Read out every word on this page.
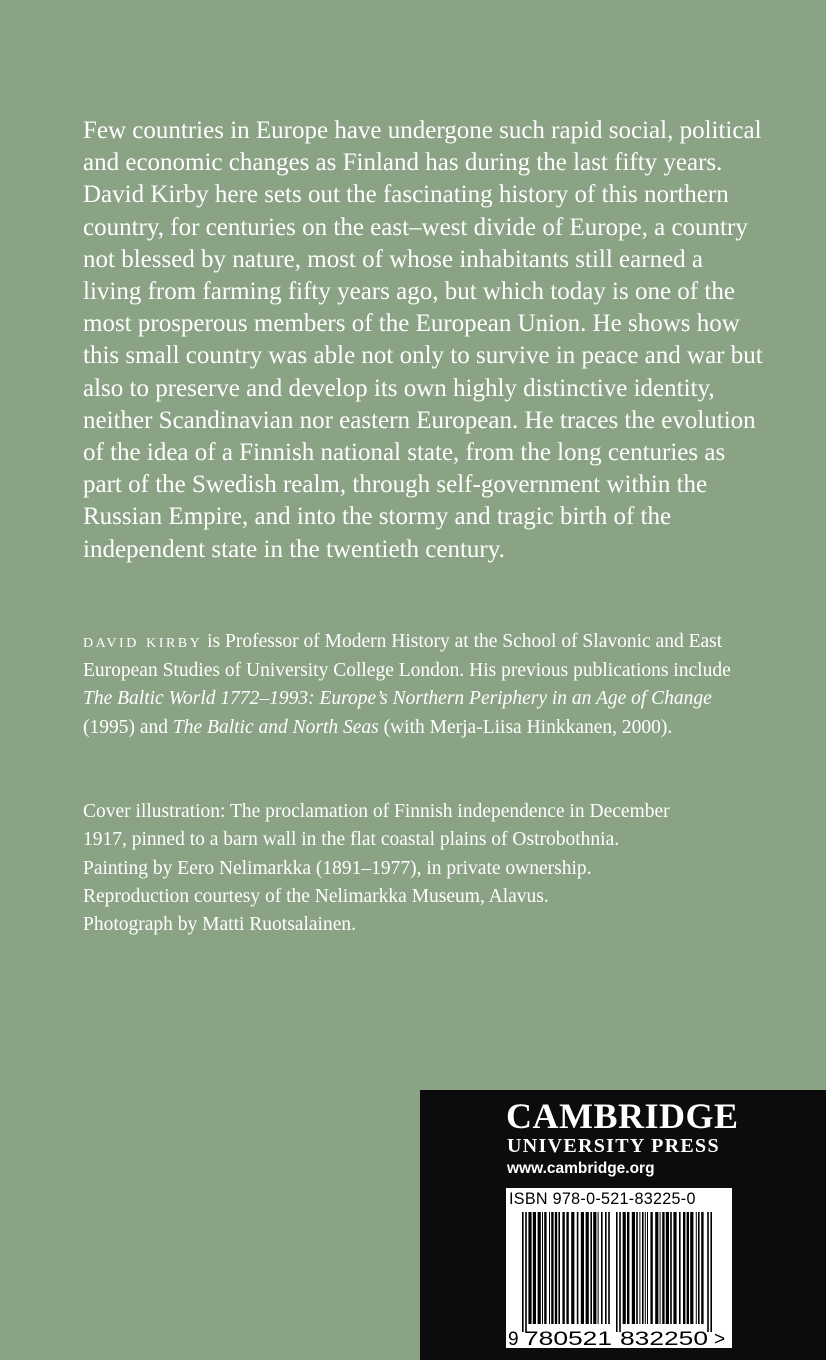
Few countries in Europe have undergone such rapid social, political and economic changes as Finland has during the last fifty years. David Kirby here sets out the fascinating history of this northern country, for centuries on the east–west divide of Europe, a country not blessed by nature, most of whose inhabitants still earned a living from farming fifty years ago, but which today is one of the most prosperous members of the European Union. He shows how this small country was able not only to survive in peace and war but also to preserve and develop its own highly distinctive identity, neither Scandinavian nor eastern European. He traces the evolution of the idea of a Finnish national state, from the long centuries as part of the Swedish realm, through self-government within the Russian Empire, and into the stormy and tragic birth of the independent state in the twentieth century.

david kirby is Professor of Modern History at the School of Slavonic and East European Studies of University College London. His previous publications include The Baltic World 1772–1993: Europe’s Northern Periphery in an Age of Change (1995) and The Baltic and North Seas (with Merja-Liisa Hinkkanen, 2000).

Cover illustration: The proclamation of Finnish independence in December
1917, pinned to a barn wall in the flat coastal plains of Ostrobothnia.
Painting by Eero Nelimarkka (1891–1977), in private ownership.
Reproduction courtesy of the Nelimarkka Museum, Alavus.
Photograph by Matti Ruotsalainen.
CAMBRIDGE
UNIVERSITY PRESS
www.cambridge.org
ISBN 978-0-521-83225-0
9 780521 832250 >
